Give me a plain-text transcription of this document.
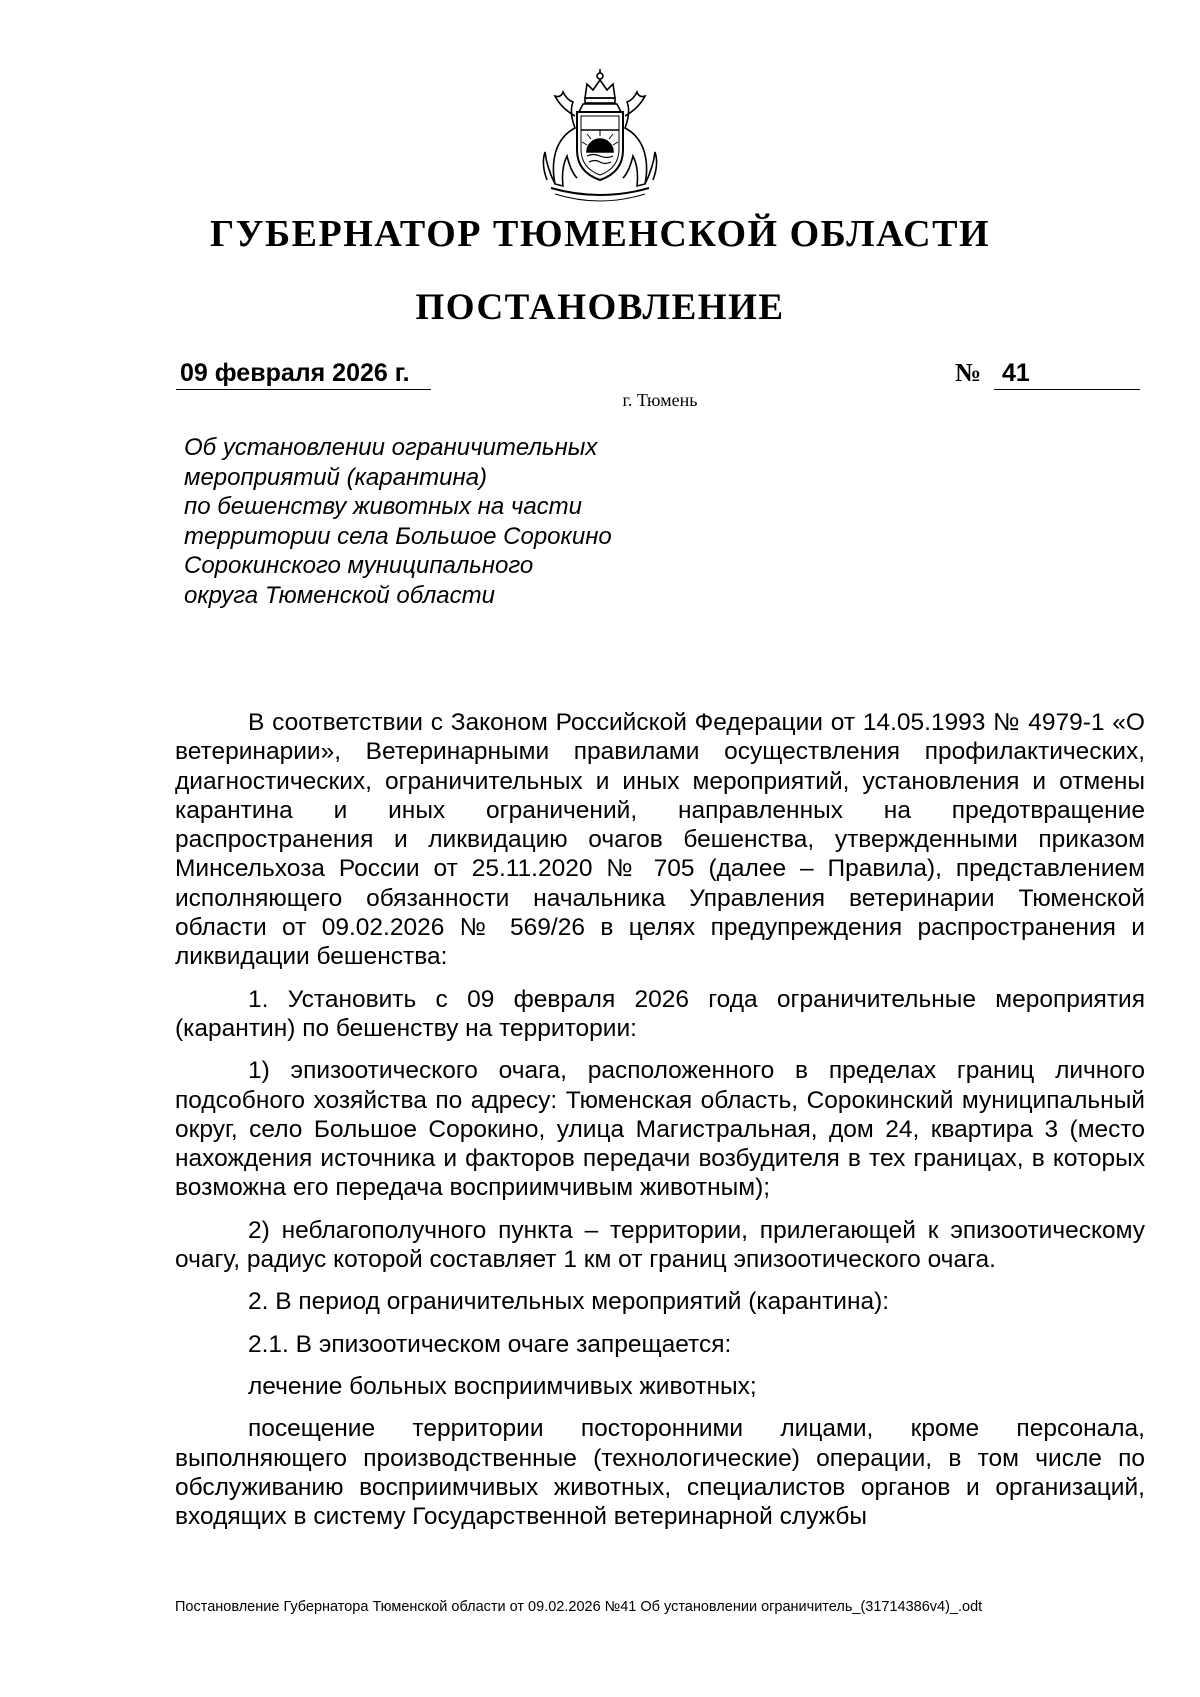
ГУБЕРНАТОР ТЮМЕНСКОЙ ОБЛАСТИ
ПОСТАНОВЛЕНИЕ
09 февраля 2026 г.	№ 41
г. Тюмень
Об установлении ограничительных
мероприятий (карантина)
по бешенству животных на части
территории села Большое Сорокино
Сорокинского муниципального
округа Тюменской области

В соответствии с Законом Российской Федерации от 14.05.1993 № 4979-1 «О ветеринарии», Ветеринарными правилами осуществления профилактических, диагностических, ограничительных и иных мероприятий, установления и отмены карантина и иных ограничений, направленных на предотвращение распространения и ликвидацию очагов бешенства, утвержденными приказом Минсельхоза России от 25.11.2020 № 705 (далее – Правила), представлением исполняющего обязанности начальника Управления ветеринарии Тюменской области от 09.02.2026 № 569/26 в целях предупреждения распространения и ликвидации бешенства:

1. Установить с 09 февраля 2026 года ограничительные мероприятия (карантин) по бешенству на территории:

1) эпизоотического очага, расположенного в пределах границ личного подсобного хозяйства по адресу: Тюменская область, Сорокинский муниципальный округ, село Большое Сорокино, улица Магистральная, дом 24, квартира 3 (место нахождения источника и факторов передачи возбудителя в тех границах, в которых возможна его передача восприимчивым животным);

2) неблагополучного пункта – территории, прилегающей к эпизоотическому очагу, радиус которой составляет 1 км от границ эпизоотического очага.

2. В период ограничительных мероприятий (карантина):

2.1. В эпизоотическом очаге запрещается:

лечение больных восприимчивых животных;

посещение территории посторонними лицами, кроме персонала, выполняющего производственные (технологические) операции, в том числе по обслуживанию восприимчивых животных, специалистов органов и организаций, входящих в систему Государственной ветеринарной службы

Постановление Губернатора Тюменской области от 09.02.2026 №41 Об установлении ограничитель_(31714386v4)_.odt
